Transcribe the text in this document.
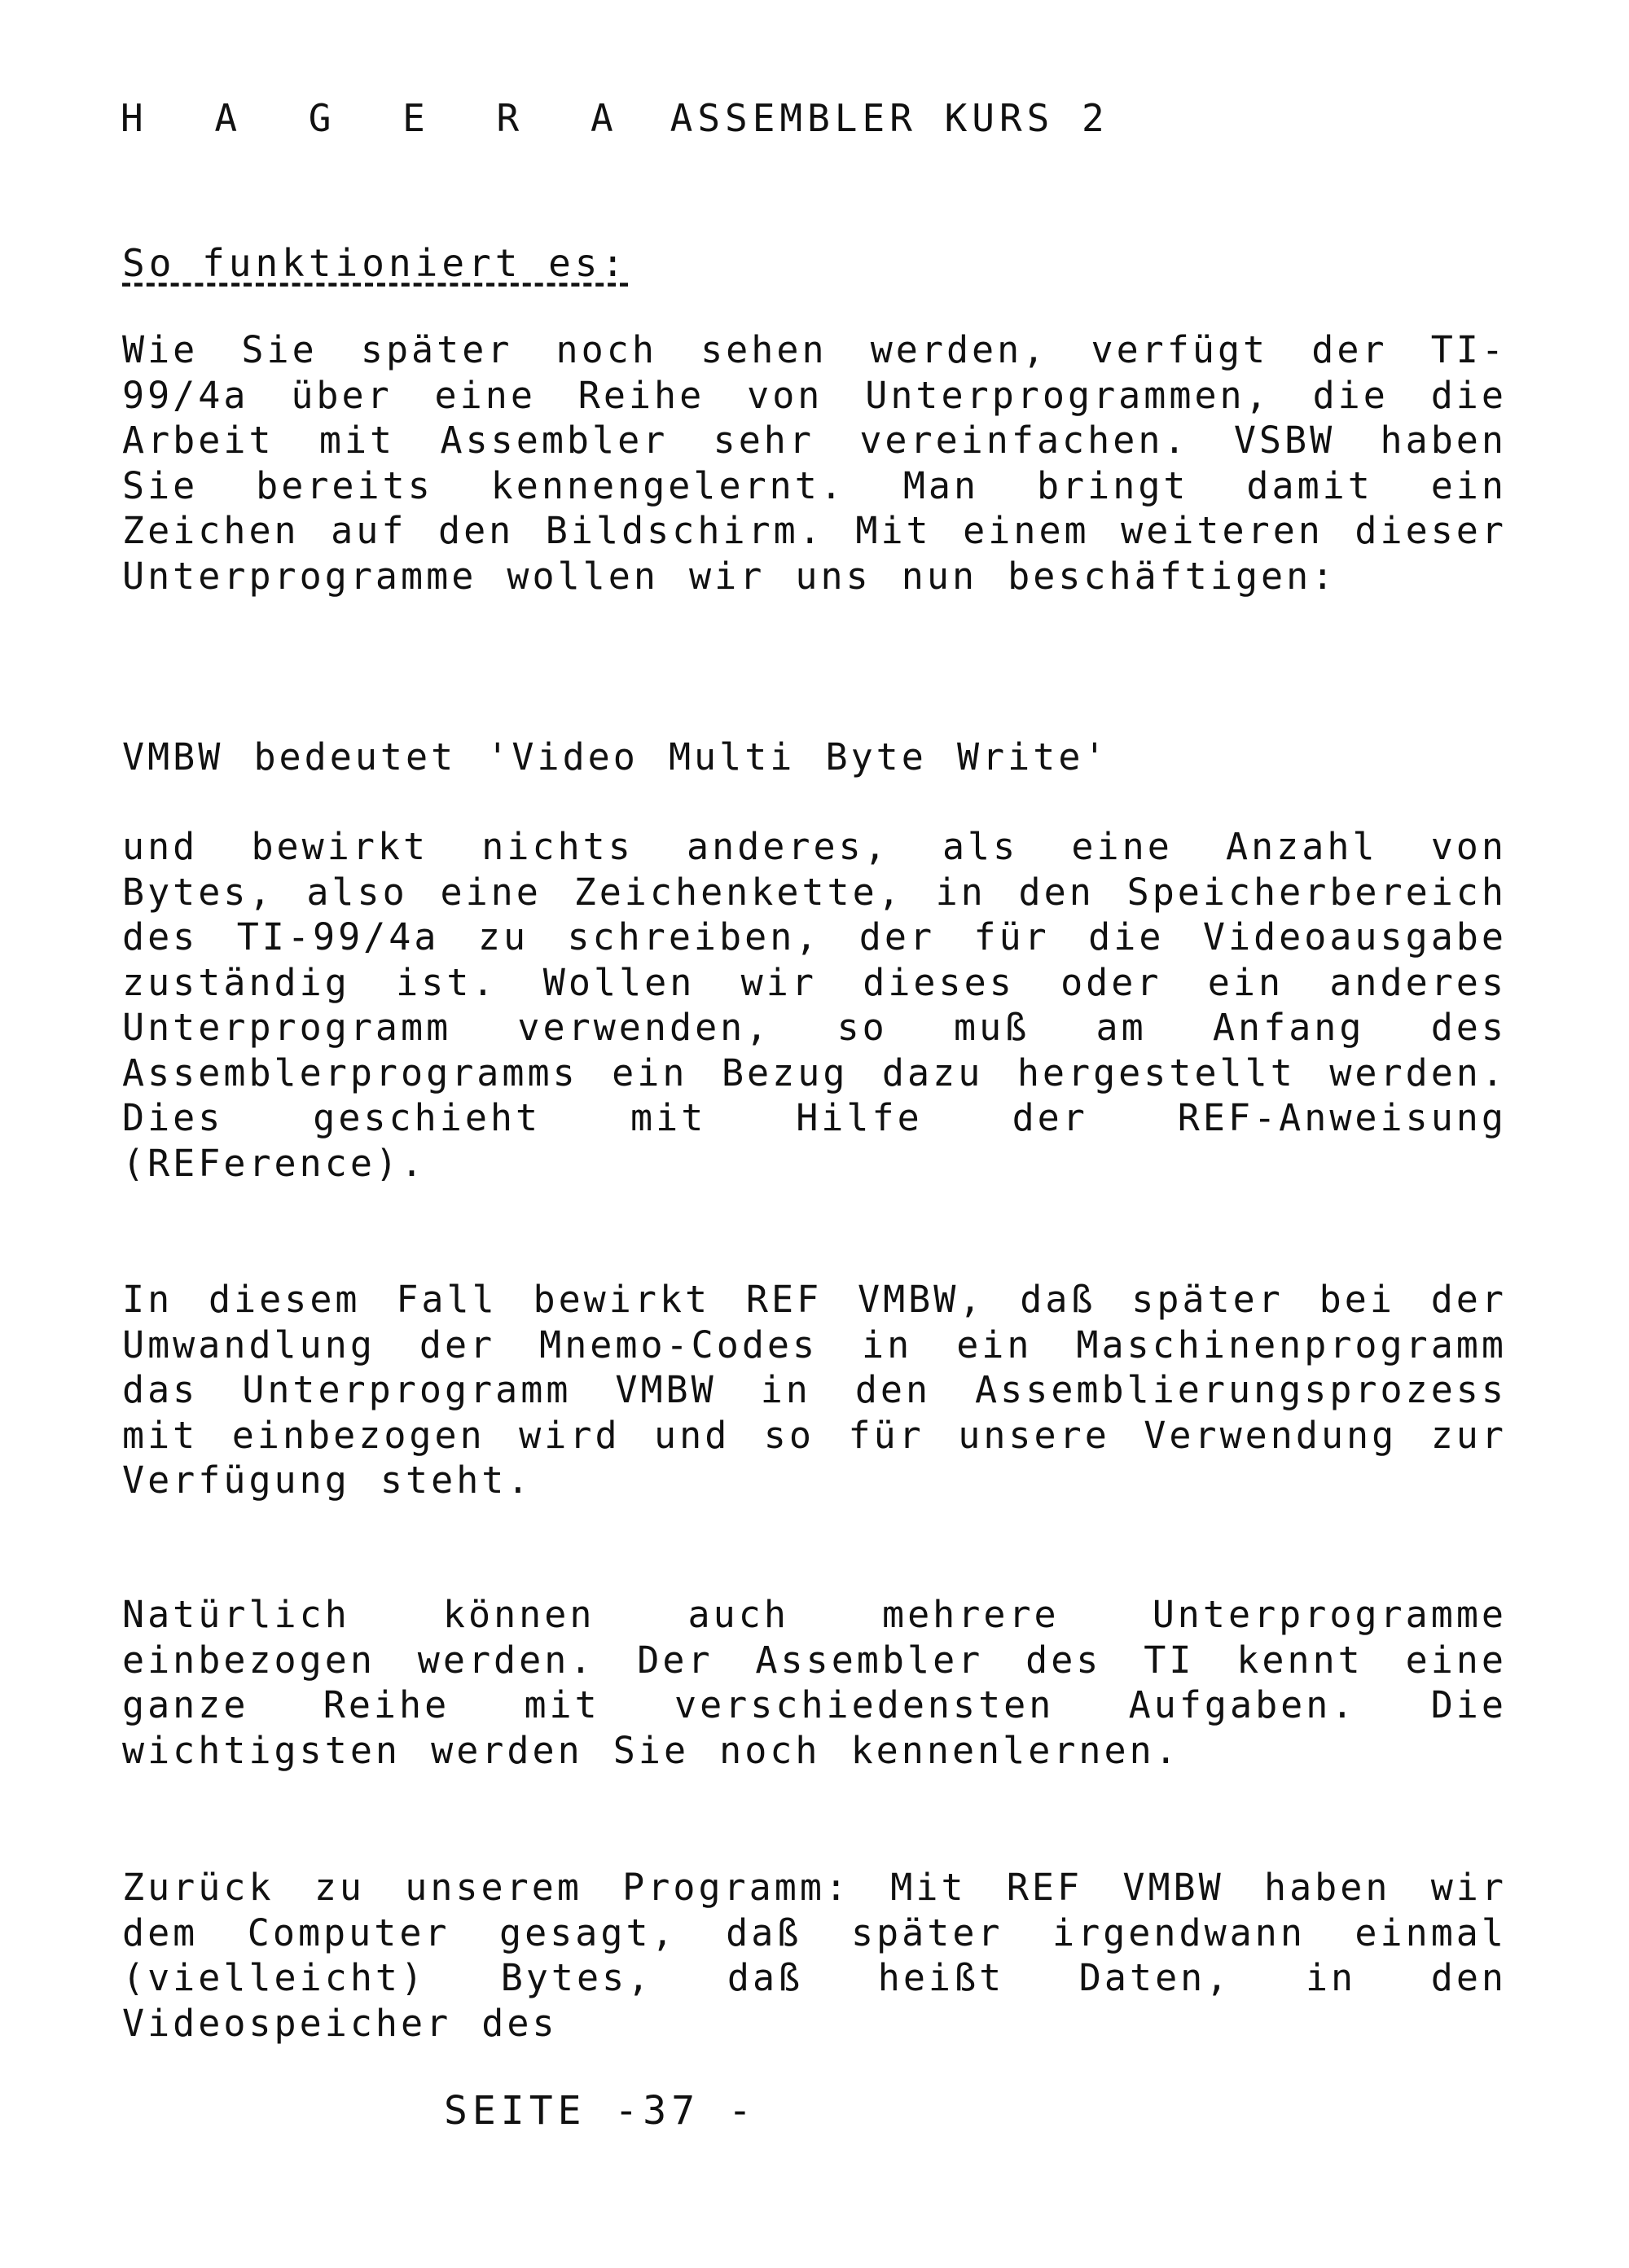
H A G E R A ASSEMBLER KURS 2
So funktioniert es:
Wie Sie später noch sehen werden, verfügt der TI-99/4a über eine Reihe von Unterprogrammen, die die Arbeit mit Assembler sehr vereinfachen. VSBW haben Sie bereits kennengelernt. Man bringt damit ein Zeichen auf den Bildschirm. Mit einem weiteren dieser Unterprogramme wollen wir uns nun beschäftigen:
VMBW bedeutet 'Video Multi Byte Write'
und bewirkt nichts anderes, als eine Anzahl von Bytes, also eine Zeichenkette, in den Speicherbereich des TI-99/4a zu schreiben, der für die Videoausgabe zuständig ist. Wollen wir dieses oder ein anderes Unterprogramm verwenden, so muß am Anfang des Assemblerprogramms ein Bezug dazu hergestellt werden. Dies geschieht mit Hilfe der REF-Anweisung (REFerence).
In diesem Fall bewirkt REF VMBW, daß später bei der Umwandlung der Mnemo-Codes in ein Maschinenprogramm das Unterprogramm VMBW in den Assemblierungsprozess mit einbezogen wird und so für unsere Verwendung zur Verfügung steht.
Natürlich können auch mehrere Unterprogramme einbezogen werden. Der Assembler des TI kennt eine ganze Reihe mit verschiedensten Aufgaben. Die wichtigsten werden Sie noch kennenlernen.
Zurück zu unserem Programm: Mit REF VMBW haben wir dem Computer gesagt, daß später irgendwann einmal (vielleicht) Bytes, daß heißt Daten, in den Videospeicher des
SEITE -37 -
